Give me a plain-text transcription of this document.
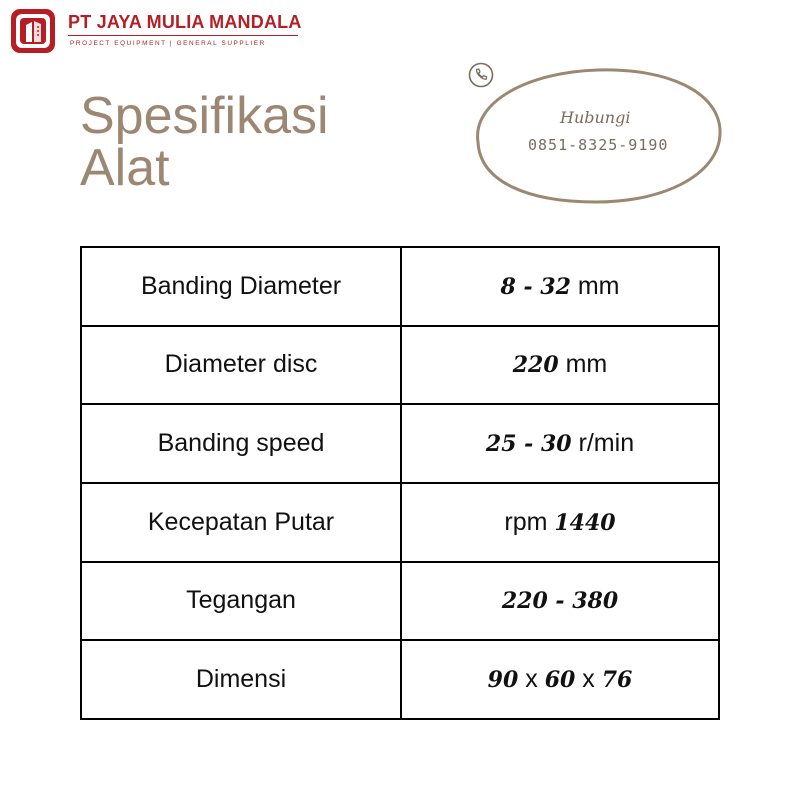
PT JAYA MULIA MANDALA
PROJECT EQUIPMENT | GENERAL SUPPLIER
Spesifikasi
Alat
Hubungi
0851-8325-9190
Banding Diameter	8 - 32 mm
Diameter disc	220 mm
Banding speed	25 - 30 r/min
Kecepatan Putar	rpm 1440
Tegangan	220 - 380
Dimensi	90 x 60 x 76
